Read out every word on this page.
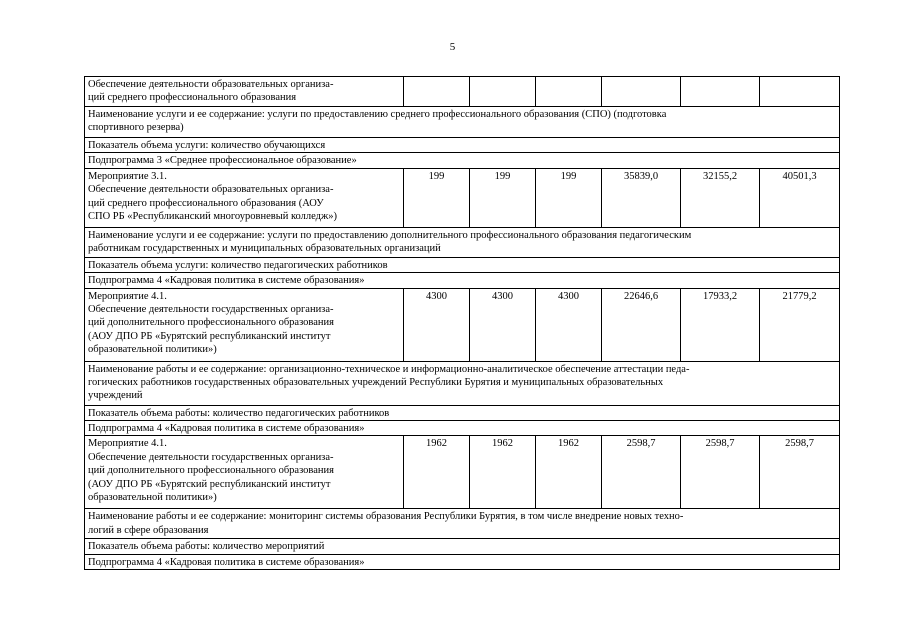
5
Обеспечение деятельности образовательных организа-
ций среднего профессионального образования						

Наименование услуги и ее содержание: услуги по предоставлению среднего профессионального образования (СПО) (подготовка
спортивного резерва)						

Показатель объема услуги: количество обучающихся						
Подпрограмма 3 «Среднее профессиональное образование»						

Мероприятие 3.1.
Обеспечение деятельности образовательных организа-
ций среднего профессионального образования (АОУ
СПО РБ «Республиканский многоуровневый колледж»)	199	199	199	35839,0	32155,2	40501,3

Наименование услуги и ее содержание: услуги по предоставлению дополнительного профессионального образования педагогическим
работникам государственных и муниципальных образовательных организаций						

Показатель объема услуги: количество педагогических работников						
Подпрограмма 4 «Кадровая политика в системе образования»						

Мероприятие 4.1.
Обеспечение деятельности государственных организа-
ций дополнительного профессионального образования
(АОУ ДПО РБ «Бурятский республиканский институт
образовательной политики»)	4300	4300	4300	22646,6	17933,2	21779,2

Наименование работы и ее содержание: организационно-техническое и информационно-аналитическое обеспечение аттестации педа-
гогических работников государственных образовательных учреждений Республики Бурятия и муниципальных образовательных
учреждений						

Показатель объема работы: количество педагогических работников						
Подпрограмма 4 «Кадровая политика в системе образования»						

Мероприятие 4.1.
Обеспечение деятельности государственных организа-
ций дополнительного профессионального образования
(АОУ ДПО РБ «Бурятский республиканский институт
образовательной политики»)	1962	1962	1962	2598,7	2598,7	2598,7

Наименование работы и ее содержание: мониторинг системы образования Республики Бурятия, в том числе внедрение новых техно-
логий в сфере образования						

Показатель объема работы: количество мероприятий						
Подпрограмма 4 «Кадровая политика в системе образования»						
